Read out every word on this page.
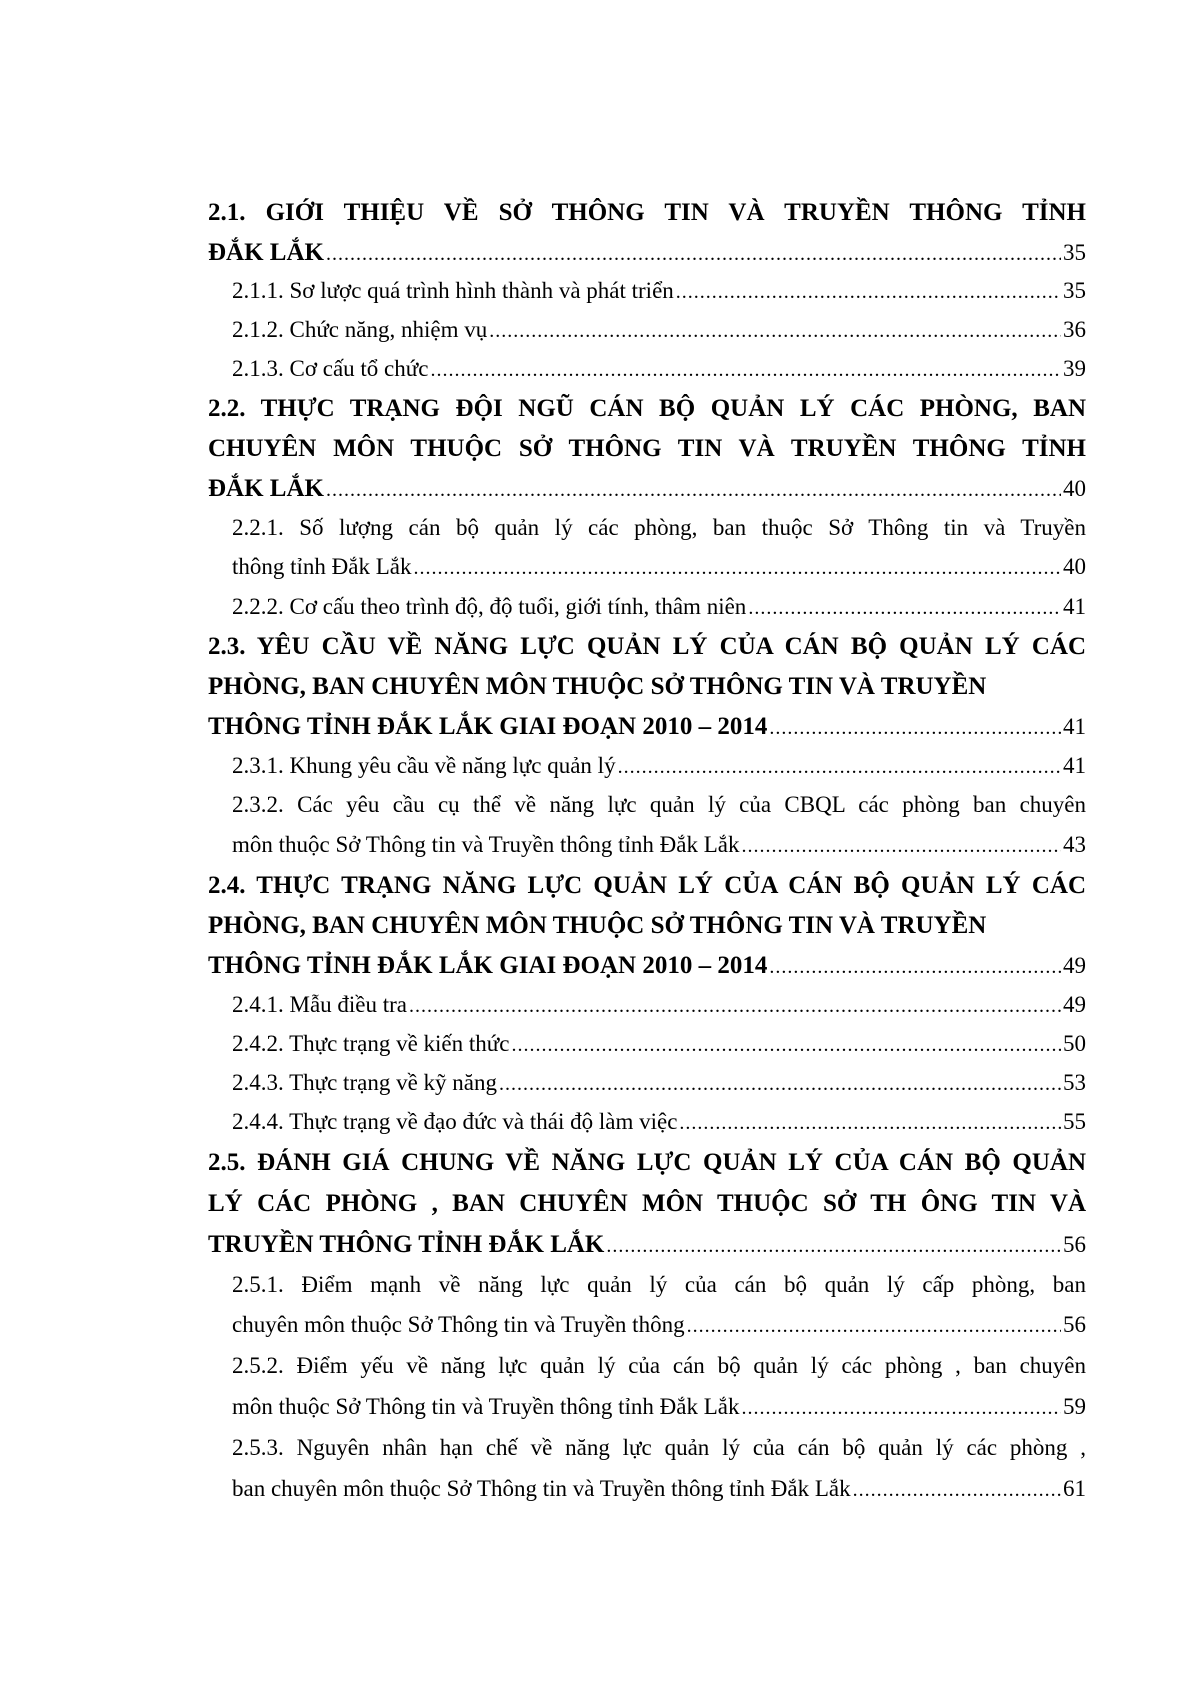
2.1. GIỚI THIỆU VỀ SỞ THÔNG TIN VÀ TRUYỀN THÔNG TỈNH
ĐẮK LẮK .....	35
2.1.1. Sơ lược quá trình hình thành và phát triển .....	35
2.1.2. Chức năng, nhiệm vụ .....	36
2.1.3. Cơ cấu tổ chức .....	39
2.2. THỰC TRẠNG ĐỘI NGŨ CÁN BỘ QUẢN LÝ CÁC PHÒNG, BAN
CHUYÊN MÔN THUỘC SỞ THÔNG TIN VÀ TRUYỀN THÔNG TỈNH
ĐẮK LẮK .....	40
2.2.1. Số lượng cán bộ quản lý các phòng, ban thuộc Sở Thông tin và Truyền
thông tỉnh Đắk Lắk .....	40
2.2.2. Cơ cấu theo trình độ, độ tuổi, giới tính, thâm niên .....	41
2.3. YÊU CẦU VỀ NĂNG LỰC QUẢN LÝ CỦA CÁN BỘ QUẢN LÝ CÁC
PHÒNG, BAN CHUYÊN MÔN THUỘC SỞ THÔNG TIN VÀ TRUYỀN
THÔNG TỈNH ĐẮK LẮK GIAI ĐOẠN 2010 – 2014 .....	41
2.3.1. Khung yêu cầu về năng lực quản lý .....	41
2.3.2. Các yêu cầu cụ thể về năng lực quản lý của CBQL các phòng ban chuyên
môn thuộc Sở Thông tin và Truyền thông tỉnh Đắk Lắk .....	43
2.4. THỰC TRẠNG NĂNG LỰC QUẢN LÝ CỦA CÁN BỘ QUẢN LÝ CÁC
PHÒNG, BAN CHUYÊN MÔN THUỘC SỞ THÔNG TIN VÀ TRUYỀN
THÔNG TỈNH ĐẮK LẮK GIAI ĐOẠN 2010 – 2014 .....	49
2.4.1. Mẫu điều tra .....	49
2.4.2. Thực trạng về kiến thức .....	50
2.4.3. Thực trạng về kỹ năng .....	53
2.4.4. Thực trạng về đạo đức và thái độ làm việc .....	55
2.5. ĐÁNH GIÁ CHUNG VỀ NĂNG LỰC QUẢN LÝ CỦA CÁN BỘ QUẢN
LÝ CÁC PHÒNG , BAN CHUYÊN MÔN THUỘC SỞ TH ÔNG TIN VÀ
TRUYỀN THÔNG TỈNH ĐẮK LẮK .....	56
2.5.1. Điểm mạnh về năng lực quản lý của cán bộ quản lý cấp phòng, ban
chuyên môn thuộc Sở Thông tin và Truyền thông .....	56
2.5.2. Điểm yếu về năng lực quản lý của cán bộ quản lý các phòng , ban chuyên
môn thuộc Sở Thông tin và Truyền thông tỉnh Đắk Lắk .....	59
2.5.3. Nguyên nhân hạn chế về năng lực quản lý của cán bộ quản lý các phòng ,
ban chuyên môn thuộc Sở Thông tin và Truyền thông tỉnh Đắk Lắk .....	61
